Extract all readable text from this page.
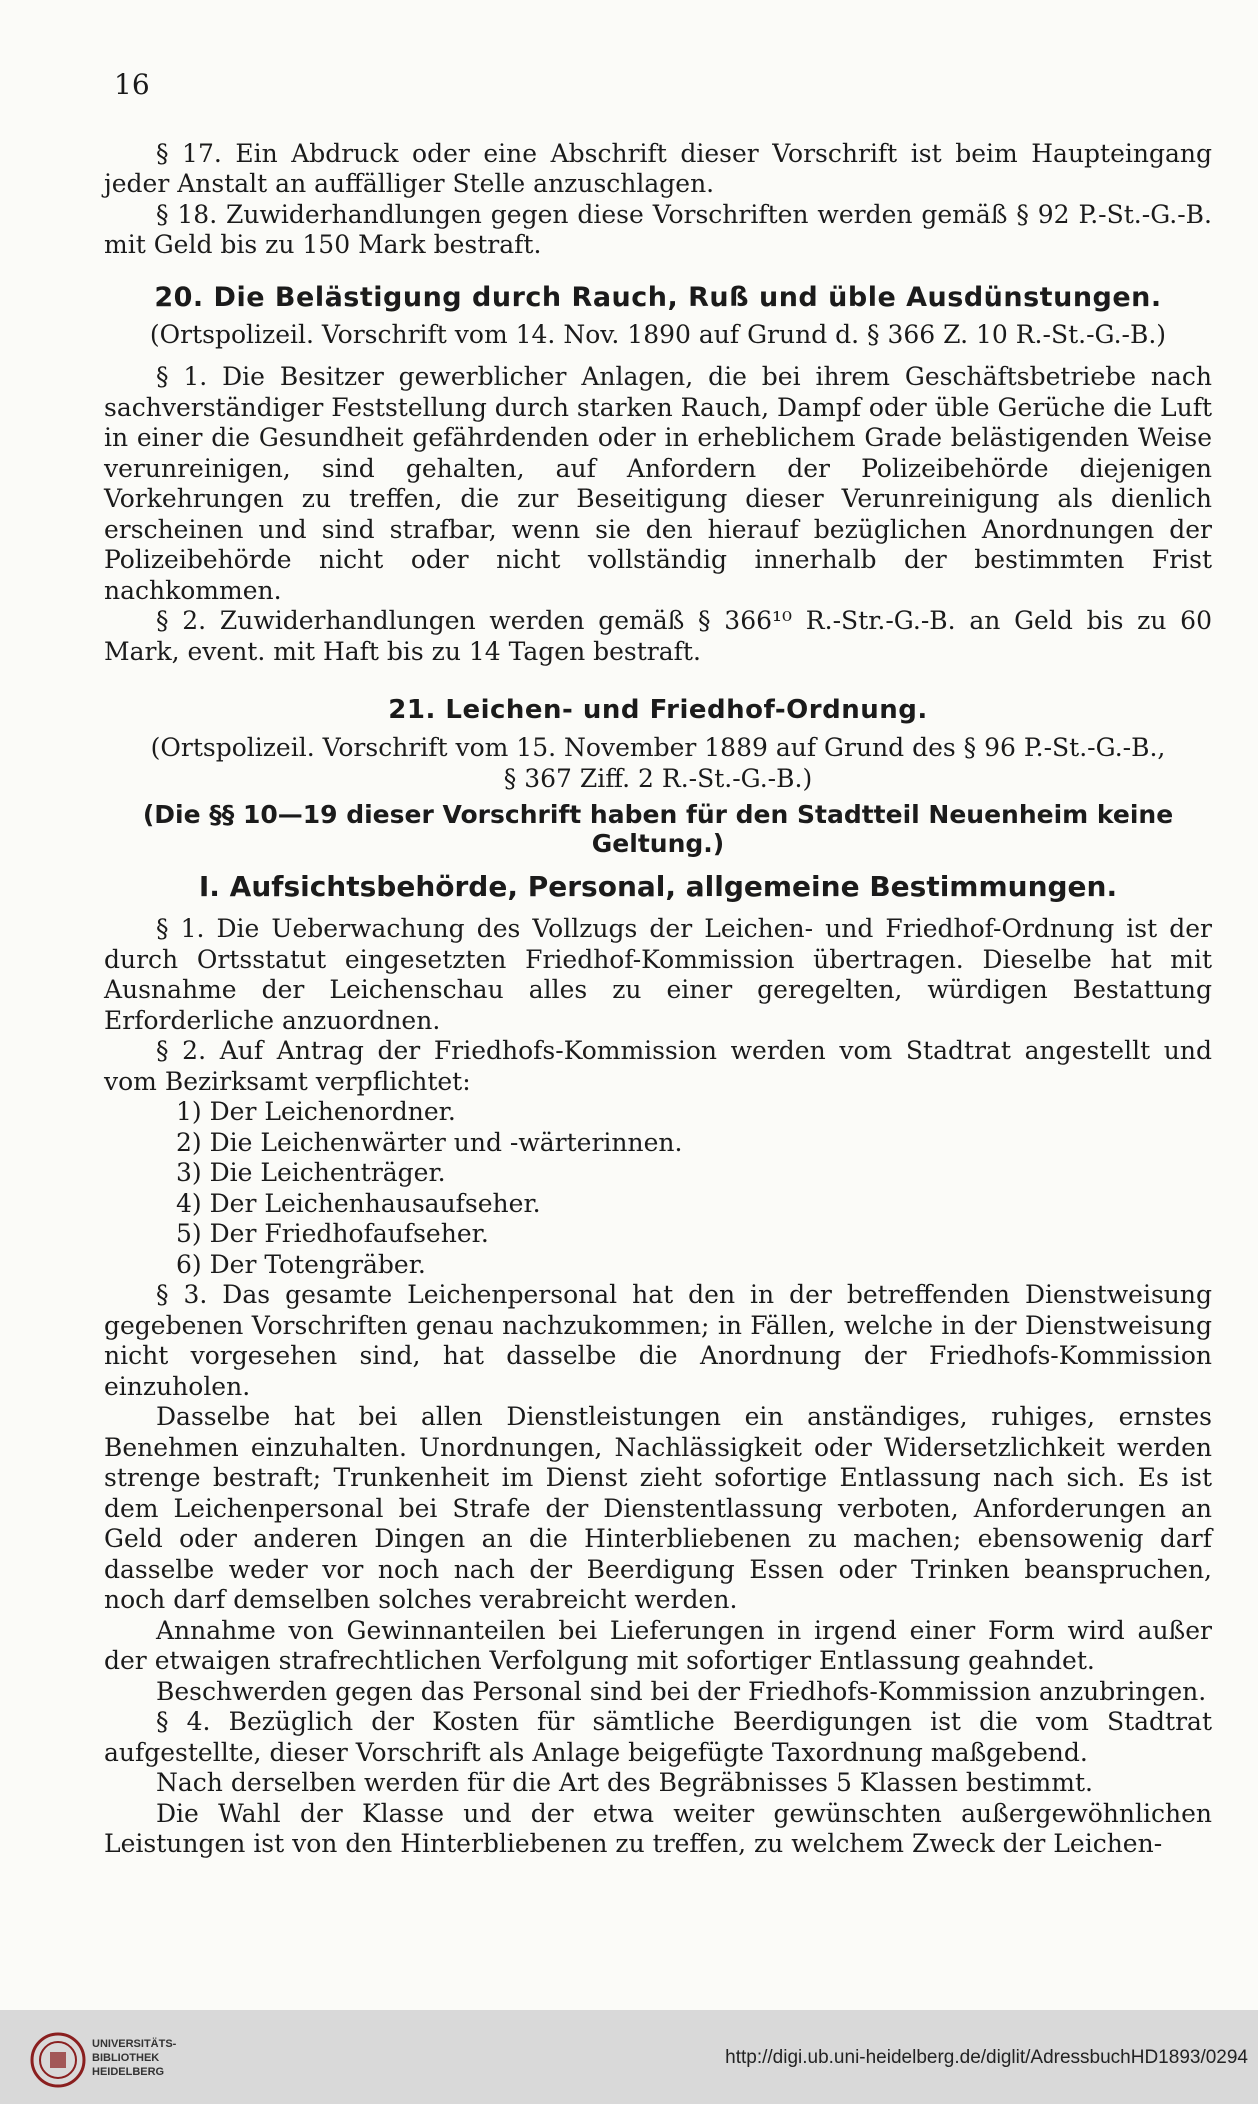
16

§ 17. Ein Abdruck oder eine Abschrift dieser Vorschrift ist beim Haupteingang jeder Anstalt an auffälliger Stelle anzuschlagen.

§ 18. Zuwiderhandlungen gegen diese Vorschriften werden gemäß § 92 P.-St.-G.-B. mit Geld bis zu 150 Mark bestraft.

20. Die Belästigung durch Rauch, Ruß und üble Ausdünstungen.

(Ortspolizeil. Vorschrift vom 14. Nov. 1890 auf Grund d. § 366 Z. 10 R.-St.-G.-B.)

§ 1. Die Besitzer gewerblicher Anlagen, die bei ihrem Geschäftsbetriebe nach sachverständiger Feststellung durch starken Rauch, Dampf oder üble Gerüche die Luft in einer die Gesundheit gefährdenden oder in erheblichem Grade belästigenden Weise verunreinigen, sind gehalten, auf Anfordern der Polizeibehörde diejenigen Vorkehrungen zu treffen, die zur Beseitigung dieser Verunreinigung als dienlich erscheinen und sind strafbar, wenn sie den hierauf bezüglichen Anordnungen der Polizeibehörde nicht oder nicht vollständig innerhalb der bestimmten Frist nachkommen.

§ 2. Zuwiderhandlungen werden gemäß § 366¹⁰ R.-Str.-G.-B. an Geld bis zu 60 Mark, event. mit Haft bis zu 14 Tagen bestraft.

21. Leichen- und Friedhof-Ordnung.

(Ortspolizeil. Vorschrift vom 15. November 1889 auf Grund des § 96 P.-St.-G.-B.,

§ 367 Ziff. 2 R.-St.-G.-B.)

(Die §§ 10—19 dieser Vorschrift haben für den Stadtteil Neuenheim keine Geltung.)
I. Aufsichtsbehörde, Personal, allgemeine Bestimmungen.

§ 1. Die Ueberwachung des Vollzugs der Leichen- und Friedhof-Ordnung ist der durch Ortsstatut eingesetzten Friedhof-Kommission übertragen. Dieselbe hat mit Ausnahme der Leichenschau alles zu einer geregelten, würdigen Bestattung Erforderliche anzuordnen.

§ 2. Auf Antrag der Friedhofs-Kommission werden vom Stadtrat angestellt und vom Bezirksamt verpflichtet:

1) Der Leichenordner.
2) Die Leichenwärter und -wärterinnen.
3) Die Leichenträger.
4) Der Leichenhausaufseher.
5) Der Friedhofaufseher.
6) Der Totengräber.

§ 3. Das gesamte Leichenpersonal hat den in der betreffenden Dienstweisung gegebenen Vorschriften genau nachzukommen; in Fällen, welche in der Dienstweisung nicht vorgesehen sind, hat dasselbe die Anordnung der Friedhofs-Kommission einzuholen.

Dasselbe hat bei allen Dienstleistungen ein anständiges, ruhiges, ernstes Benehmen einzuhalten. Unordnungen, Nachlässigkeit oder Widersetzlichkeit werden strenge bestraft; Trunkenheit im Dienst zieht sofortige Entlassung nach sich. Es ist dem Leichenpersonal bei Strafe der Dienstentlassung verboten, Anforderungen an Geld oder anderen Dingen an die Hinterbliebenen zu machen; ebensowenig darf dasselbe weder vor noch nach der Beerdigung Essen oder Trinken beanspruchen, noch darf demselben solches verabreicht werden.

Annahme von Gewinnanteilen bei Lieferungen in irgend einer Form wird außer der etwaigen strafrechtlichen Verfolgung mit sofortiger Entlassung geahndet.

Beschwerden gegen das Personal sind bei der Friedhofs-Kommission anzubringen.

§ 4. Bezüglich der Kosten für sämtliche Beerdigungen ist die vom Stadtrat aufgestellte, dieser Vorschrift als Anlage beigefügte Taxordnung maßgebend.

Nach derselben werden für die Art des Begräbnisses 5 Klassen bestimmt.

Die Wahl der Klasse und der etwa weiter gewünschten außergewöhnlichen Leistungen ist von den Hinterbliebenen zu treffen, zu welchem Zweck der Leichen-

UNIVERSITÄTS-
BIBLIOTHEK
HEIDELBERG
http://digi.ub.uni-heidelberg.de/diglit/AdressbuchHD1893/0294
